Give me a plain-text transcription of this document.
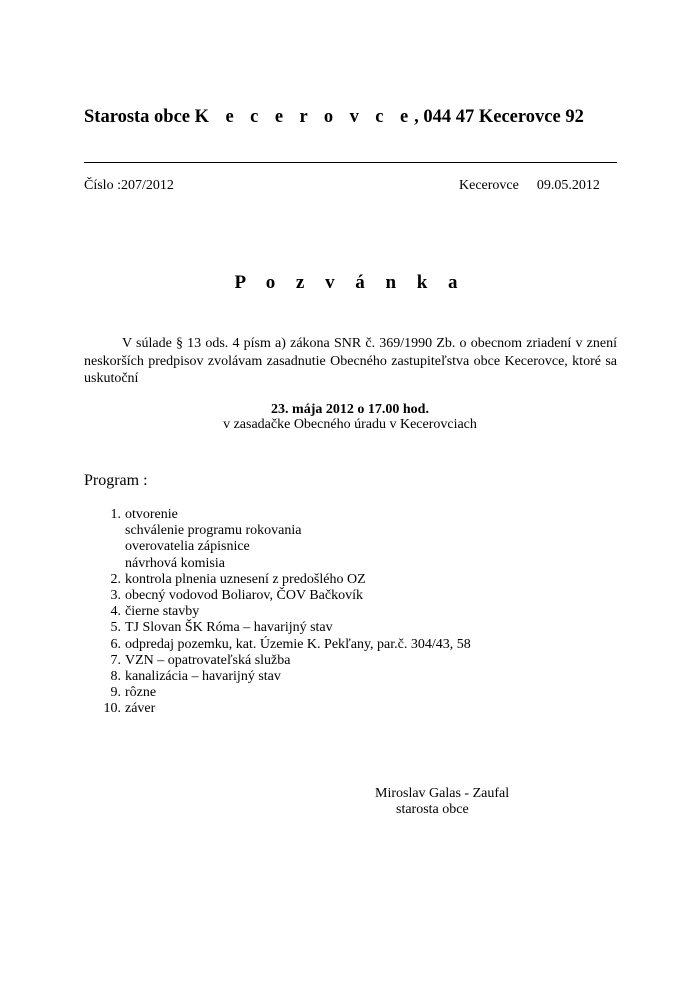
Starosta obce K e c e r o v c e, 044 47 Kecerovce 92
Číslo :207/2012	Kecerovce 09.05.2012
P o z v á n k a

V súlade § 13 ods. 4 písm a) zákona SNR č. 369/1990 Zb. o obecnom zriadení v znení neskorších predpisov zvolávam zasadnutie Obecného zastupiteľstva obce Kecerovce, ktoré sa uskutoční

23. mája 2012 o 17.00 hod.
v zasadačke Obecného úradu v Kecerovciach
Program :
1. otvorenie
schválenie programu rokovania
overovatelia zápisnice
návrhová komisia
2. kontrola plnenia uznesení z predošlého OZ
3. obecný vodovod Boliarov, ČOV Bačkovík
4. čierne stavby
5. TJ Slovan ŠK Róma – havarijný stav
6. odpredaj pozemku, kat. Územie K. Pekľany, par.č. 304/43, 58
7. VZN – opatrovateľská služba
8. kanalizácia – havarijný stav
9. rôzne
10. záver
Miroslav Galas - Zaufal
starosta obce
